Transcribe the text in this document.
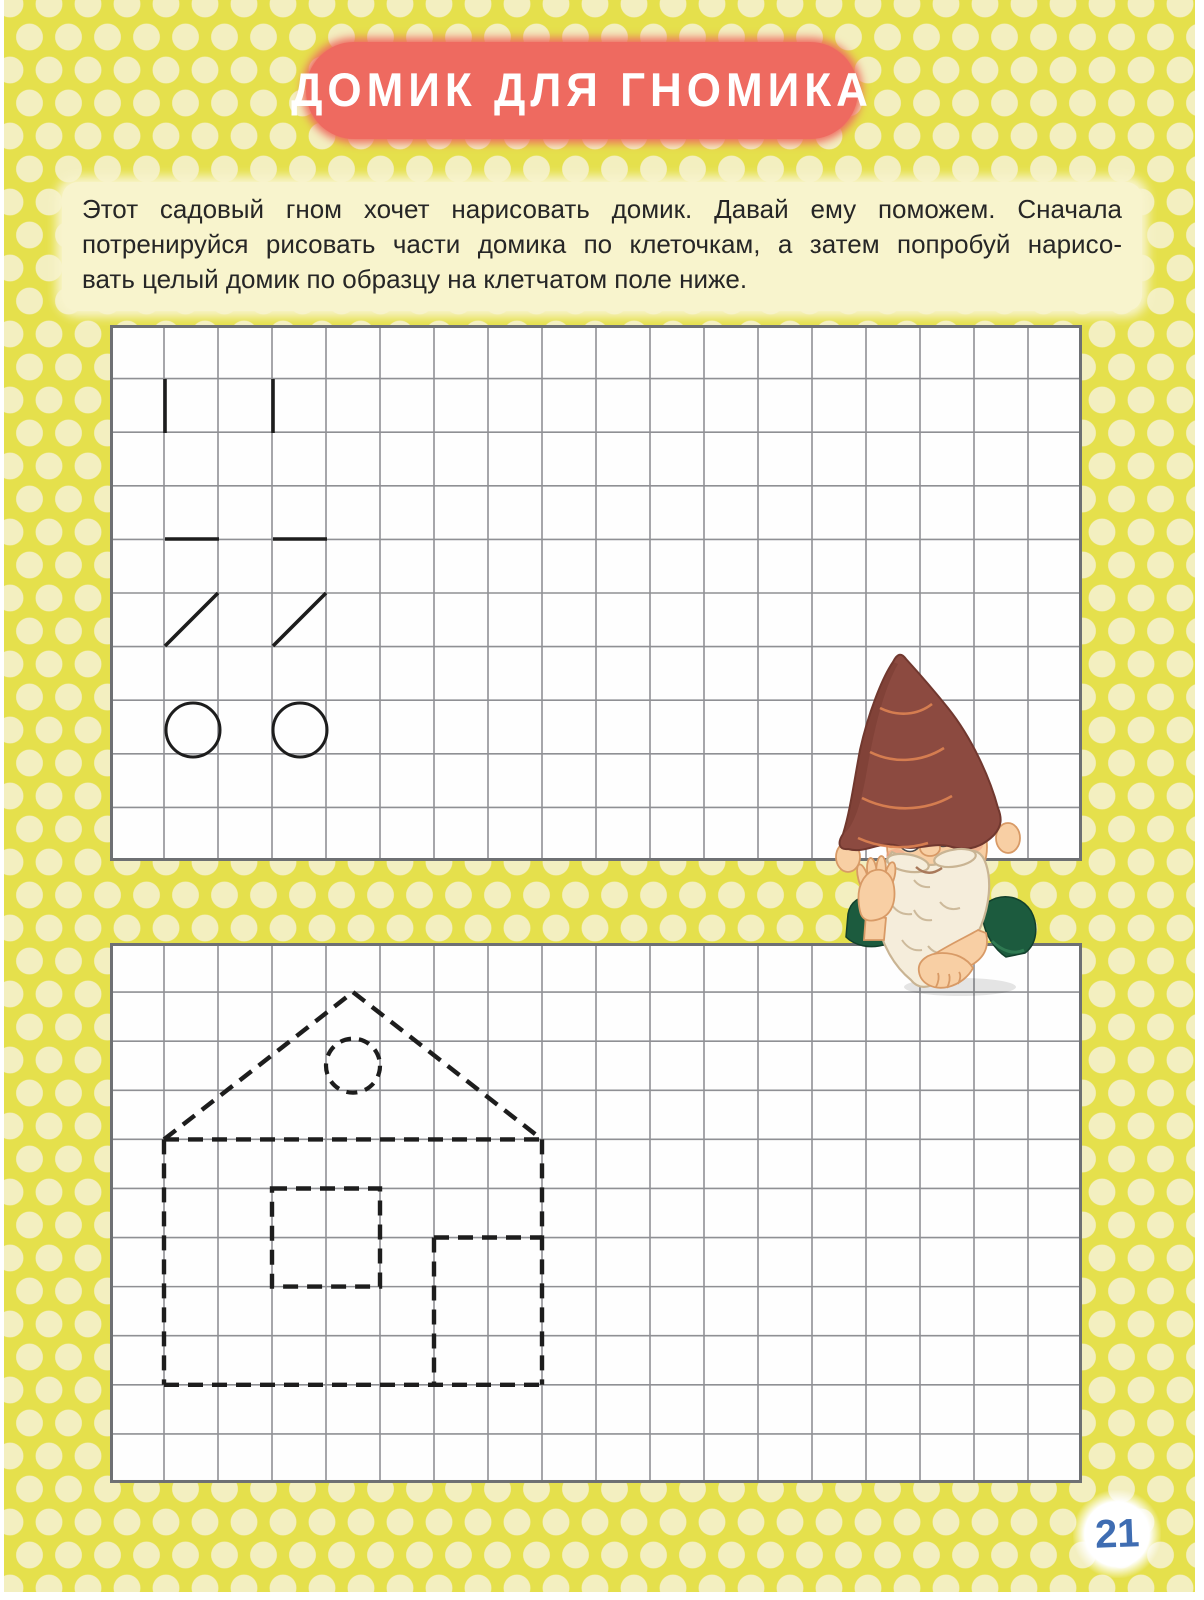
ДОМИК ДЛЯ ГНОМИКА
Этот садовый гном хочет нарисовать домик. Давай ему поможем. Сначала
потренируйся рисовать части домика по клеточкам, а затем попробуй нарисо-
вать целый домик по образцу на клетчатом поле ниже.
21
